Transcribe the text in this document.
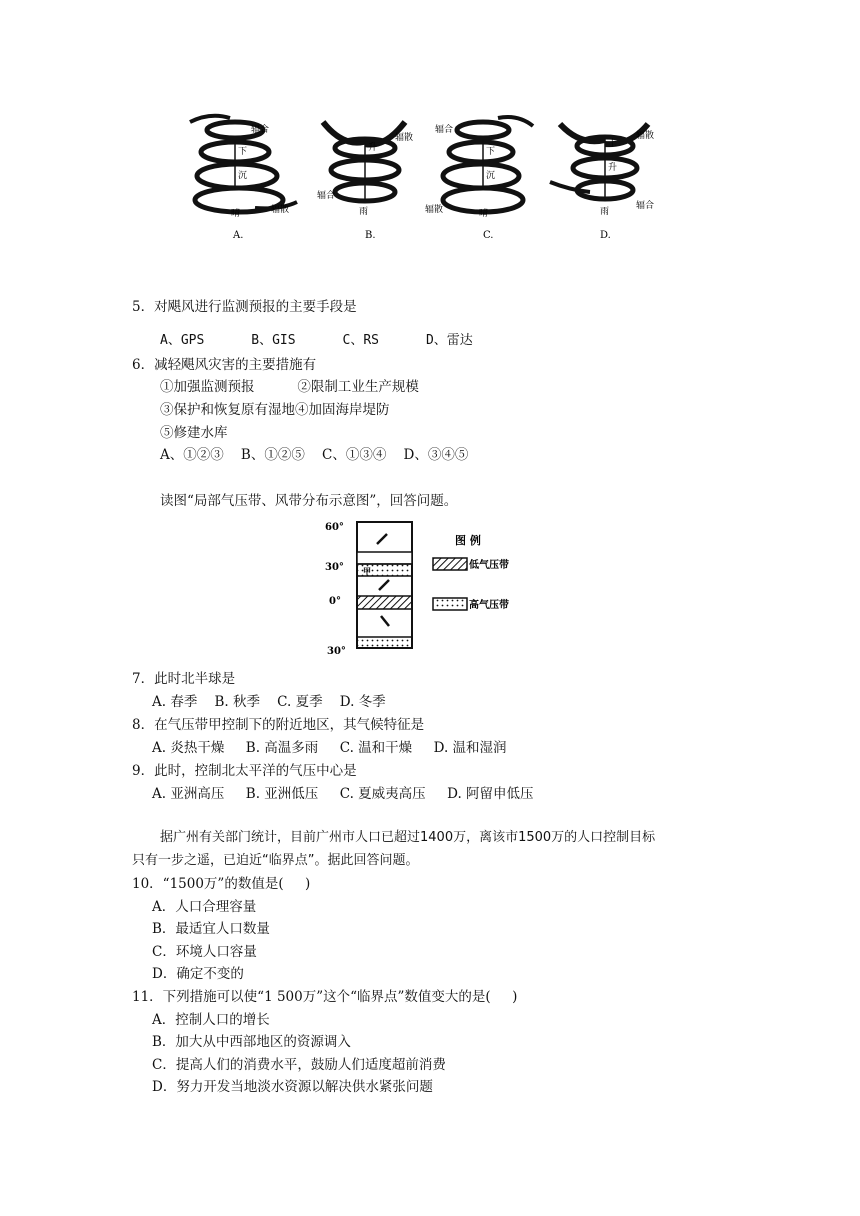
辐合
下
沉
晴	辐散
A.
辐合
升
雨
辐散
B.
辐合
下
沉
晴
辐散
C.
辐散
上
升
雨
辐合
D.
5．对飓风进行监测预报的主要手段是
A、GPS      B、GIS      C、RS      D、雷达
6．减轻飓风灾害的主要措施有
①加强监测预报          ②限制工业生产规模
③保护和恢复原有湿地④加固海岸堤防
⑤修建水库
A、①②③    B、①②⑤    C、①③④    D、③④⑤
读图“局部气压带、风带分布示意图”，回答问题。
60°
30°
0°
30°
甲
图 例
低气压带
高气压带
7．此时北半球是
A. 春季    B. 秋季    C. 夏季    D. 冬季
8．在气压带甲控制下的附近地区，其气候特征是
A. 炎热干燥     B. 高温多雨     C. 温和干燥     D. 温和湿润
9．此时，控制北太平洋的气压中心是
A. 亚洲高压     B. 亚洲低压     C. 夏威夷高压     D. 阿留申低压
据广州有关部门统计，目前广州市人口已超过1400万，离该市1500万的人口控制目标
只有一步之遥，已迫近“临界点”。据此回答问题。
10．“1500万”的数值是(     )
A．人口合理容量
B．最适宜人口数量
C．环境人口容量
D．确定不变的
11．下列措施可以使“1 500万”这个“临界点”数值变大的是(     )
A．控制人口的增长
B．加大从中西部地区的资源调入
C．提高人们的消费水平，鼓励人们适度超前消费
D．努力开发当地淡水资源以解决供水紧张问题
